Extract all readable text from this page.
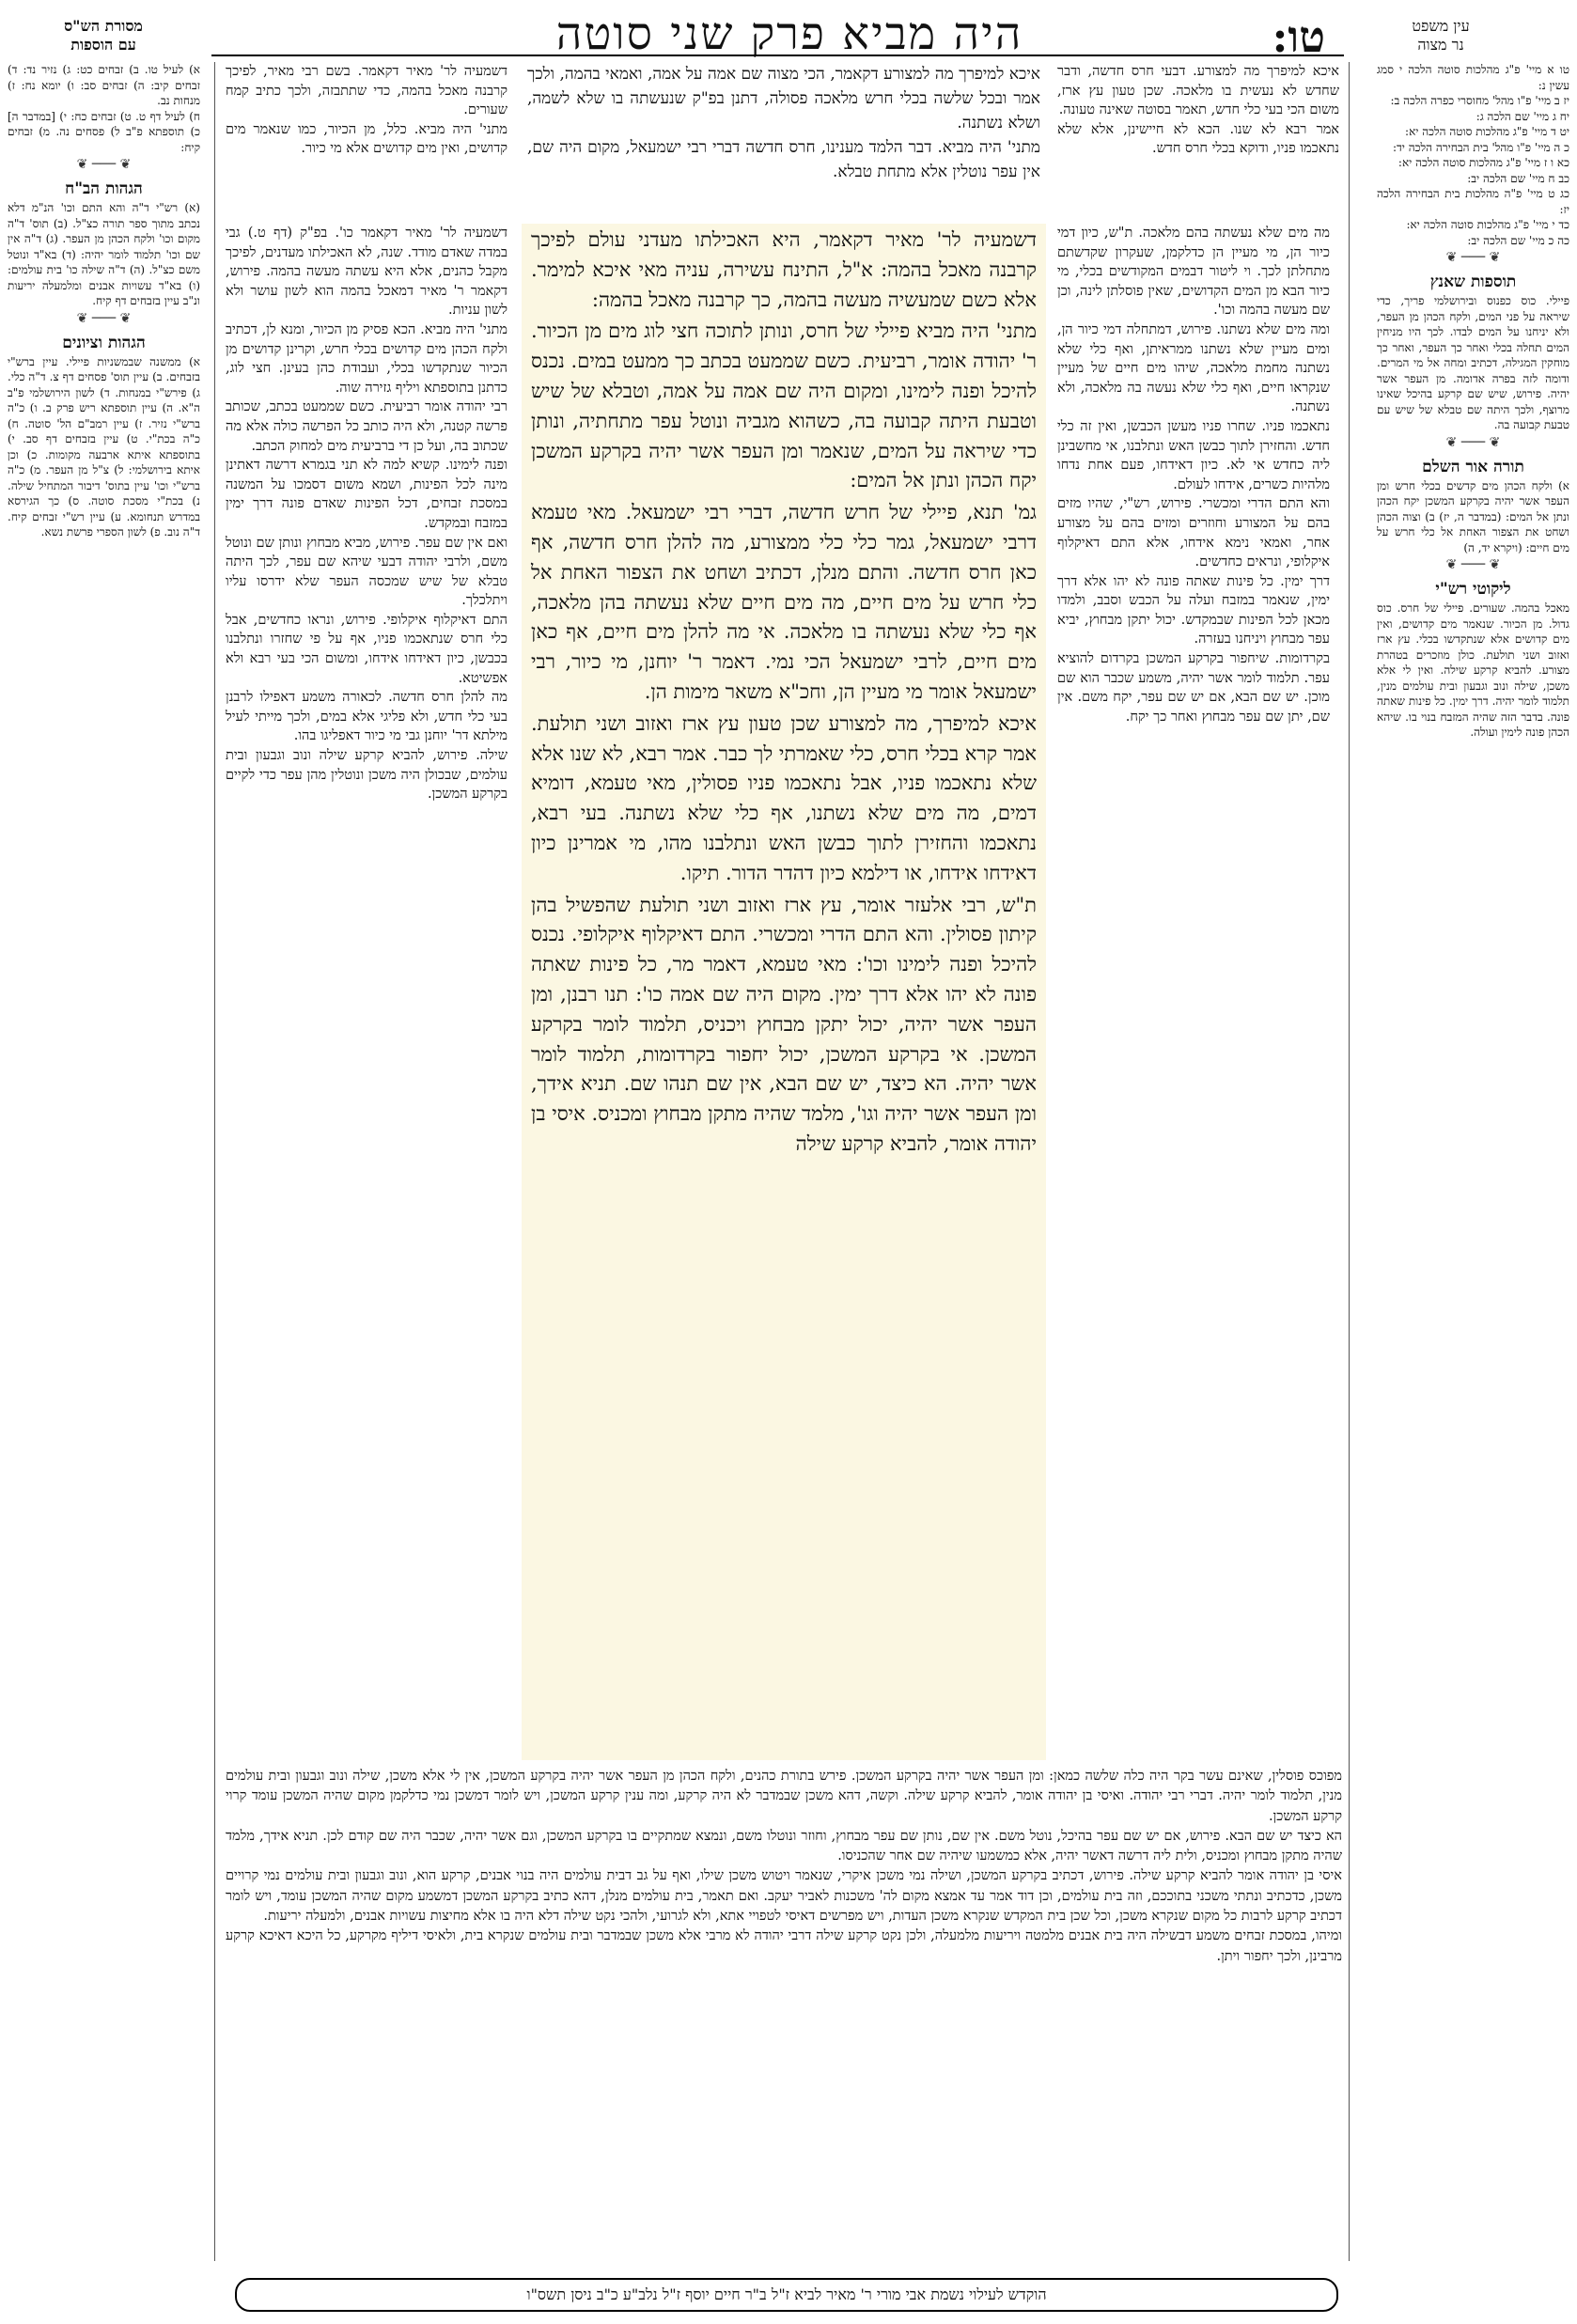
עין משפט
נר מצוה
טו:
היה מביא פרק שני סוטה
מסורת הש"ס
עם הוספות

איכא למיפרך מה למצורע. דבעי חרס חדשה, ודבר שחדש לא נעשית בו מלאכה. שכן טעון עץ ארז, משום הכי בעי כלי חדש, תאמר בסוטה שאינה טעונה.

אמר רבא לא שנו. הכא לא חיישינן, אלא שלא נתאכמו פניו, ודוקא בכלי חרס חדש.

איכא למיפרך מה למצורע דקאמר, הכי מצוה שם אמה על אמה, ואמאי בהמה, ולכך אמר ובכל שלשה בכלי חרש מלאכה פסולה, דתנן בפ"ק שנעשתה בו שלא לשמה, ושלא נשתנה.

מתני' היה מביא. דבר הלמד מענינו, חרס חדשה דברי רבי ישמעאל, מקום היה שם, אין עפר נוטלין אלא מתחת טבלא.

דשמעיה לר' מאיר דקאמר. בשם רבי מאיר, לפיכך קרבנה מאכל בהמה, כדי שתתבזה, ולכך כתיב קמח שעורים.

מתני' היה מביא. כלל, מן הכיור, כמו שנאמר מים קדושים, ואין מים קדושים אלא מי כיור.

מה מים שלא נעשתה בהם מלאכה. ת"ש, כיון דמי כיור הן, מי מעיין הן כדלקמן, שעקרון שקדשתם מתחלתן לכך. וי ליטור דבמים המקודשים בכלי, מי כיור הבא מן המים הקדושים, שאין פוסלתן לינה, וכן שם מעשה בהמה וכו'.

ומה מים שלא נשתנו. פירוש, דמתחלה דמי כיור הן, ומים מעיין שלא נשתנו ממראיתן, ואף כלי שלא נשתנה מחמת מלאכה, שיהו מים חיים של מעיין שנקראו חיים, ואף כלי שלא נעשה בה מלאכה, ולא נשתנה.

נתאכמו פניו. שחרו פניו מעשן הכבשן, ואין זה כלי חדש. והחזירן לתוך כבשן האש ונתלבנו, אי מחשבינן ליה כחדש אי לא. כיון דאידחו, פעם אחת נדחו מלהיות כשרים, אידחו לעולם.

והא התם הדרי ומכשרי. פירוש, רש"י, שהיו מזים בהם על המצורע וחוזרים ומזים בהם על מצורע אחר, ואמאי נימא אידחו, אלא התם דאיקלוף איקלופי, ונראים כחדשים.

דרך ימין. כל פינות שאתה פונה לא יהו אלא דרך ימין, שנאמר במזבח ועלה על הכבש וסבב, ולמדו מכאן לכל הפינות שבמקדש. יכול יתקן מבחוץ, יביא עפר מבחוץ ויניחנו בעזרה.

בקרדומות. שיחפור בקרקע המשכן בקרדום להוציא עפר. תלמוד לומר אשר יהיה, משמע שכבר הוא שם מוכן. יש שם הבא, אם יש שם עפר, יקח משם. אין שם, יתן שם עפר מבחוץ ואחר כך יקח.

דשמעיה לר' מאיר דקאמר, היא האכילתו מעדני עולם לפיכך קרבנה מאכל בהמה: א"ל, התינח עשירה, עניה מאי איכא למימר. אלא כשם שמעשיה מעשה בהמה, כך קרבנה מאכל בהמה:

מתני' היה מביא פיילי של חרס, ונותן לתוכה חצי לוג מים מן הכיור. ר' יהודה אומר, רביעית. כשם שממעט בכתב כך ממעט במים. נכנס להיכל ופנה לימינו, ומקום היה שם אמה על אמה, וטבלא של שיש וטבעת היתה קבועה בה, כשהוא מגביה ונוטל עפר מתחתיה, ונותן כדי שיראה על המים, שנאמר ומן העפר אשר יהיה בקרקע המשכן יקח הכהן ונתן אל המים:

גמ' תנא, פיילי של חרש חדשה, דברי רבי ישמעאל. מאי טעמא דרבי ישמעאל, גמר כלי כלי ממצורע, מה להלן חרס חדשה, אף כאן חרס חדשה. והתם מנלן, דכתיב ושחט את הצפור האחת אל כלי חרש על מים חיים, מה מים חיים שלא נעשתה בהן מלאכה, אף כלי שלא נעשתה בו מלאכה. אי מה להלן מים חיים, אף כאן מים חיים, לרבי ישמעאל הכי נמי. דאמר ר' יוחנן, מי כיור, רבי ישמעאל אומר מי מעיין הן, וחכ"א משאר מימות הן.

איכא למיפרך, מה למצורע שכן טעון עץ ארז ואזוב ושני תולעת. אמר קרא בכלי חרס, כלי שאמרתי לך כבר. אמר רבא, לא שנו אלא שלא נתאכמו פניו, אבל נתאכמו פניו פסולין, מאי טעמא, דומיא דמים, מה מים שלא נשתנו, אף כלי שלא נשתנה. בעי רבא, נתאכמו והחזירן לתוך כבשן האש ונתלבנו מהו, מי אמרינן כיון דאידחו אידחו, או דילמא כיון דהדר הדור. תיקו.

ת"ש, רבי אלעזר אומר, עץ ארז ואזוב ושני תולעת שהפשיל בהן קיתון פסולין. והא התם הדרי ומכשרי. התם דאיקלוף איקלופי. נכנס להיכל ופנה לימינו וכו': מאי טעמא, דאמר מר, כל פינות שאתה פונה לא יהו אלא דרך ימין. מקום היה שם אמה כו': תנו רבנן, ומן העפר אשר יהיה, יכול יתקן מבחוץ ויכניס, תלמוד לומר בקרקע המשכן. אי בקרקע המשכן, יכול יחפור בקרדומות, תלמוד לומר אשר יהיה. הא כיצד, יש שם הבא, אין שם תנהו שם. תניא אידך, ומן העפר אשר יהיה וגו', מלמד שהיה מתקן מבחוץ ומכניס. איסי בן יהודה אומר, להביא קרקע שילה

דשמעיה לר' מאיר דקאמר כו'. בפ"ק (דף ט.) גבי במדה שאדם מודד. שנה, לא האכילתו מעדנים, לפיכך מקבל כהנים, אלא היא עשתה מעשה בהמה. פירוש, דקאמר ר' מאיר דמאכל בהמה הוא לשון עושר ולא לשון עניות.

מתני' היה מביא. הכא פסיק מן הכיור, ומנא לן, דכתיב ולקח הכהן מים קדושים בכלי חרש, וקרינן קדושים מן הכיור שנתקדשו בכלי, ועבודת כהן בעינן. חצי לוג, כדתנן בתוספתא ויליף גזירה שוה.

רבי יהודה אומר רביעית. כשם שממעט בכתב, שכותב פרשה קטנה, ולא היה כותב כל הפרשה כולה אלא מה שכתוב בה, ועל כן די ברביעית מים למחוק הכתב.

ופנה לימינו. קשיא למה לא תני בגמרא דרשה דאתינן מינה לכל הפינות, ושמא משום דסמכו על המשנה במסכת זבחים, דכל הפינות שאדם פונה דרך ימין במזבח ובמקדש.

ואם אין שם עפר. פירוש, מביא מבחוץ ונותן שם ונוטל משם, ולרבי יהודה דבעי שיהא שם עפר, לכך היתה טבלא של שיש שמכסה העפר שלא ידרסו עליו ויתלכלך.

התם דאיקלוף איקלופי. פירוש, ונראו כחדשים, אבל כלי חרס שנתאכמו פניו, אף על פי שחזרו ונתלבנו בכבשן, כיון דאידחו אידחו, ומשום הכי בעי רבא ולא אפשיטא.

מה להלן חרס חדשה. לכאורה משמע דאפילו לרבנן בעי כלי חדש, ולא פליגי אלא במים, ולכך מייתי לעיל מילתא דר' יוחנן גבי מי כיור דאפליגו בהו.

שילה. פירוש, להביא קרקע שילה ונוב וגבעון ובית עולמים, שבכולן היה משכן ונוטלין מהן עפר כדי לקיים בקרקע המשכן.

מפוכס פוסלין, שאינם עשר בקר היה כלה שלשה כמאן: ומן העפר אשר יהיה בקרקע המשכן. פירש בתורת כהנים, ולקח הכהן מן העפר אשר יהיה בקרקע המשכן, אין לי אלא משכן, שילה ונוב וגבעון ובית עולמים מנין, תלמוד לומר יהיה. דברי רבי יהודה. ואיסי בן יהודה אומר, להביא קרקע שילה. וקשה, דהא משכן שבמדבר לא היה קרקע, ומה ענין קרקע המשכן, ויש לומר דמשכן נמי כדלקמן מקום שהיה המשכן עומד קרוי קרקע המשכן.

הא כיצד יש שם הבא. פירוש, אם יש שם עפר בהיכל, נוטל משם. אין שם, נותן שם עפר מבחוץ, וחוזר ונוטלו משם, ונמצא שמתקיים בו בקרקע המשכן, וגם אשר יהיה, שכבר היה שם קודם לכן. תניא אידך, מלמד שהיה מתקן מבחוץ ומכניס, ולית ליה דרשה דאשר יהיה, אלא כמשמעו שיהיה שם אחר שהכניסו.

איסי בן יהודה אומר להביא קרקע שילה. פירוש, דכתיב בקרקע המשכן, ושילה נמי משכן איקרי, שנאמר ויטוש משכן שילו, ואף על גב דבית עולמים היה בנוי אבנים, קרקע הוא, ונוב וגבעון ובית עולמים נמי קרויים משכן, כדכתיב ונתתי משכני בתוככם, וזה בית עולמים, וכן דוד אמר עד אמצא מקום לה' משכנות לאביר יעקב. ואם תאמר, בית עולמים מנלן, דהא כתיב בקרקע המשכן דמשמע מקום שהיה המשכן עומד, ויש לומר דכתיב קרקע לרבות כל מקום שנקרא משכן, וכל שכן בית המקדש שנקרא משכן העדות, ויש מפרשים דאיסי לטפויי אתא, ולא לגרועי, ולהכי נקט שילה דלא היה בו אלא מחיצות עשויות אבנים, ולמעלה יריעות.

ומיהו, במסכת זבחים משמע דבשילה היה בית אבנים מלמטה ויריעות מלמעלה, ולכן נקט קרקע שילה דרבי יהודה לא מרבי אלא משכן שבמדבר ובית עולמים שנקרא בית, ולאיסי דיליף מקרקע, כל היכא דאיכא קרקע מרבינן, ולכך יחפור ויתן.

טו א מיי' פ"ג מהלכות סוטה הלכה י סמג עשין נ:

יז ב מיי' פ"ו מהל' מחוסרי כפרה הלכה ב:

יח ג מיי' שם הלכה ג:

יט ד מיי' פ"ג מהלכות סוטה הלכה יא:

כ ה מיי' פ"ו מהל' בית הבחירה הלכה יד:

כא ו ז מיי' פ"ג מהלכות סוטה הלכה יא:

כב ח מיי' שם הלכה יב:

כג ט מיי' פ"ה מהלכות בית הבחירה הלכה יז:

כד י מיי' פ"ג מהלכות סוטה הלכה יא:

כה כ מיי' שם הלכה יב:

❦ ─── ❦
תוספות שאנץ

פיילי. כוס כפנוס ובירושלמי פריך, כדי שיראה על פני המים, ולקח הכהן מן העפר, ולא יניחנו על המים לבדו. לכך היו מניחין המים תחלה בכלי ואחר כך העפר, ואחר כך מוחקין המגילה, דכתיב ומחה אל מי המרים. ודומה לזה בפרה אדומה. מן העפר אשר יהיה. פירוש, שיש שם קרקע בהיכל שאינו מרוצף, ולכך היתה שם טבלא של שיש עם טבעת קבועה בה.

❦ ─── ❦
תורה אור השלם

א) ולקח הכהן מים קדשים בכלי חרש ומן העפר אשר יהיה בקרקע המשכן יקח הכהן ונתן אל המים: (במדבר ה, יז) ב) וצוה הכהן ושחט את הצפור האחת אל כלי חרש על מים חיים: (ויקרא יד, ה)

❦ ─── ❦
ליקוטי רש"י

מאכל בהמה. שעורים. פיילי של חרס. כוס גדול. מן הכיור. שנאמר מים קדושים, ואין מים קדושים אלא שנתקדשו בכלי. עץ ארז ואזוב ושני תולעת. כולן מוזכרים בטהרת מצורע. להביא קרקע שילה. ואין לי אלא משכן, שילה ונוב וגבעון ובית עולמים מנין, תלמוד לומר יהיה. דרך ימין. כל פינות שאתה פונה. בדבר הזה שהיה המזבח בנוי בו. שיהא הכהן פונה לימין ועולה.

א) לעיל טו. ב) זבחים כט: ג) נזיר נד: ד) זבחים קיב: ה) זבחים סב: ו) יומא נח: ז) מנחות נב.

ח) לעיל דף ט. ט) זבחים כח: י) [במדבר ה] כ) תוספתא פ"ב ל) פסחים נה. מ) זבחים קיח:

❦ ─── ❦
הגהות הב"ח

(א) רש"י ד"ה והא התם וכו' הנ"מ דלא נכתב מתוך ספר תורה כצ"ל. (ב) תוס' ד"ה מקום וכו' ולקח הכהן מן העפר. (ג) ד"ה אין שם וכו' תלמוד לומר יהיה: (ד) בא"ד ונוטל משם כצ"ל. (ה) ד"ה שילה כו' בית עולמים: (ו) בא"ד עשויות אבנים ומלמעלה יריעות ונ"ב עיין בזבחים דף קיח.

❦ ─── ❦
הגהות וציונים

א) ממשנה שבמשניות פיילי. עיין ברש"י בזבחים. ב) עיין תוס' פסחים דף צ. ד"ה כלי. ג) פירש"י במנחות. ד) לשון הירושלמי פ"ב ה"א. ה) עיין תוספתא ריש פרק ב. ו) כ"ה ברש"י נזיר. ז) עיין רמב"ם הל' סוטה. ח) כ"ה בכת"י. ט) עיין בזבחים דף סב. י) בתוספתא איתא ארבעה מקומות. כ) וכן איתא בירושלמי: ל) צ"ל מן העפר. מ) כ"ה ברש"י וכו' עיין בתוס' דיבור המתחיל שילה. נ) בכת"י מסכת סוטה. ס) כך הגירסא במדרש תנחומא. ע) עיין רש"י זבחים קיח. ד"ה נוב. פ) לשון הספרי פרשת נשא.

הוקדש לעילוי נשמת אבי מורי ר' מאיר לביא ז"ל ב"ר חיים יוסף ז"ל נלב"ע כ"ב ניסן תשס"ו
